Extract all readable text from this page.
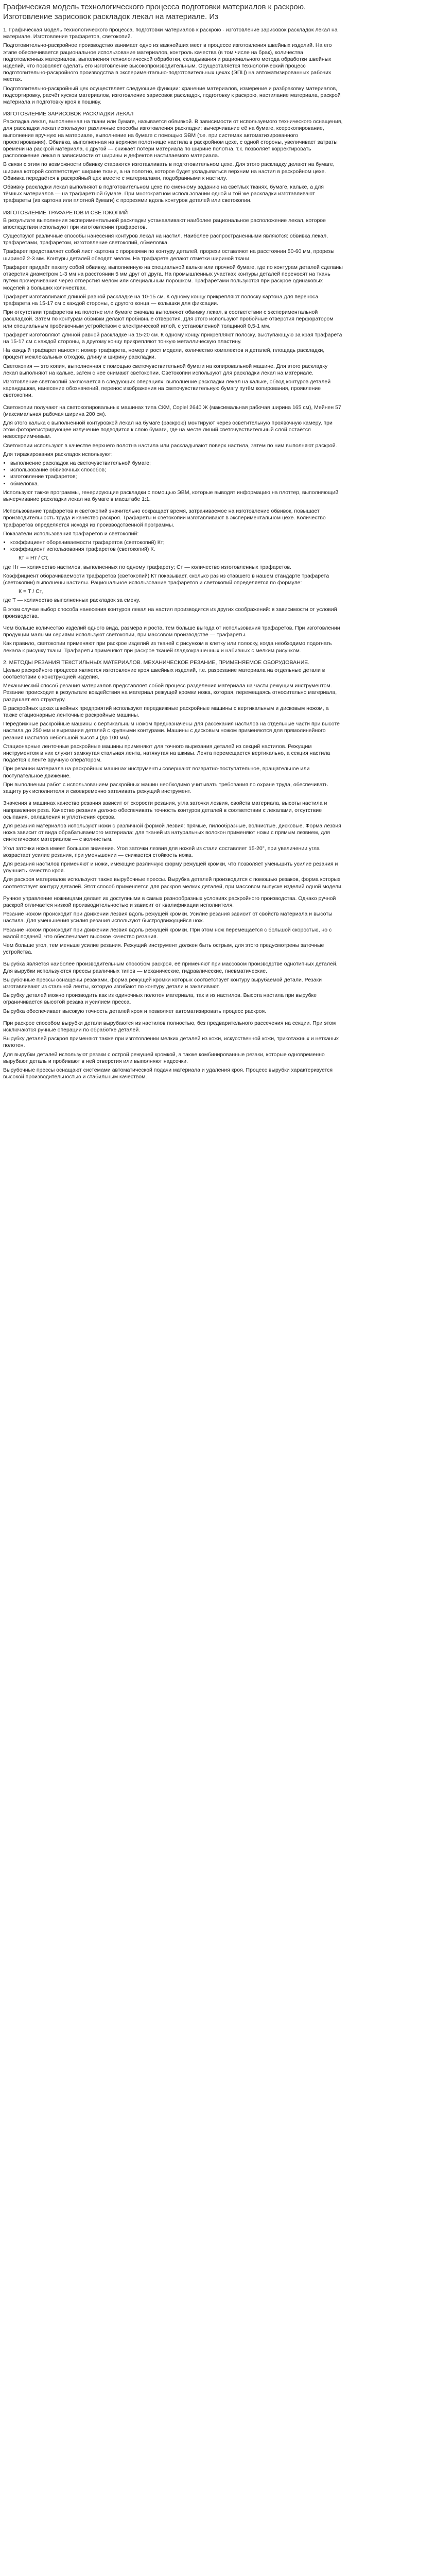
Графическая модель технологического процесса подготовки материалов к раскрою. Изготовление зарисовок раскладок лекал на материале. Из
1. Графическая модель технологического процесса. подготовки материалов к раскрою · изготовление зарисовок раскладок лекал на материале. Изготовление трафаретов, светокопий.
Подготовительно-раскройное производство занимает одно из важнейших мест в процессе изготовления швейных изделий. На его этапе обеспечивается рациональное использование материалов, контроль качества (в том числе на брак), количества подготовленных материалов, выполнения технологической обработки, складывания и рационального метода обработки швейных изделий, что позволяет сделать его изготовление высокопроизводительным. Осуществляется технологический процесс подготовительно-раскройного производства в экспериментально-подготовительных цехах (ЭПЦ) на автоматизированных рабочих местах.
Подготовительно-раскройный цех осуществляет следующие функции: хранение материалов, измерение и разбраковку материалов, подсортировку, расчёт кусков материалов, изготовление зарисовок раскладок, подготовку к раскрою, настилание материала, раскрой материала и подготовку кроя к пошиву.
ИЗГОТОВЛЕНИЕ ЗАРИСОВОК РАСКЛАДКИ ЛЕКАЛ
Раскладка лекал, выполненная на ткани или бумаге, называется обвивкой. В зависимости от используемого технического оснащения, для раскладки лекал используют различные способы изготовления раскладки: вычерчивание её на бумаге, ксерокопирование, выполнение вручную на материале, выполнение на бумаге с помощью ЭВМ (т.е. при системах автоматизированного проектирования). Обвивка, выполненная на верхнем полотнище настила в раскройном цехе, с одной стороны, увеличивает затраты времени на раскрой материала, с другой — снижает потери материала по ширине полотна, т.к. позволяет корректировать расположение лекал в зависимости от ширины и дефектов настилаемого материала.
В связи с этим по возможности обвивку стараются изготавливать в подготовительном цехе. Для этого раскладку делают на бумаге, ширина которой соответствует ширине ткани, а на полотно, которое будет укладываться верхним на настил в раскройном цехе. Обвивка передаётся в раскройный цех вместе с материалами, подобранными к настилу.
Обвивку раскладки лекал выполняют в подготовительном цехе по сменному заданию на светлых тканях, бумаге, кальке, а для тёмных материалов — на трафаретной бумаге. При многократном использовании одной и той же раскладки изготавливают трафареты (из картона или плотной бумаги) с прорезями вдоль контуров деталей или светокопии.
ИЗГОТОВЛЕНИЕ ТРАФАРЕТОВ И СВЕТОКОПИЙ
В результате выполнения экспериментальной раскладки устанавливают наиболее рациональное расположение лекал, которое впоследствии используют при изготовлении трафаретов.
Существуют различные способы нанесения контуров лекал на настил. Наиболее распространенными являются: обвивка лекал, трафаретами, трафаретом, изготовление светокопий, обмеловка.
Трафарет представляет собой лист картона с прорезями по контуру деталей, прорези оставляют на расстоянии 50-60 мм, прорезы шириной 2-3 мм. Контуры деталей обводят мелом. На трафарете делают отметки шириной ткани.
Трафарет придаёт пакету собой обвивку, выполненную на специальной кальке или прочной бумаге, где по контурам деталей сделаны отверстия диаметром 1-3 мм на расстоянии 5 мм друг от друга. На промышленных участках контуры деталей переносят на ткань путем прочерчивания через отверстия мелом или специальным порошком. Трафаретами пользуются при раскрое одинаковых моделей в больших количествах.
Трафарет изготавливают длиной равной раскладке на 10-15 см. К одному концу прикрепляют полоску картона для переноса трафарета на 15-17 см с каждой стороны, с другого конца — колышки для фиксации.
При отсутствии трафаретов на полотне или бумаге сначала выполняют обвивку лекал, в соответствии с экспериментальной раскладкой. Затем по контурам обвивки делают пробивные отверстия. Для этого используют пробойные отверстия перфоратором или специальным пробивочным устройством с электрической иглой, с установленной толщиной 0,5-1 мм.
Трафарет изготовляют длиной равной раскладке на 15-20 см. К одному концу прикрепляют полоску, выступающую за края трафарета на 15-17 см с каждой стороны, а другому концу прикрепляют тонкую металлическую пластину.
На каждый трафарет наносят: номер трафарета, номер и рост модели, количество комплектов и деталей, площадь раскладки, процент межлекальных отходов, длину и ширину раскладки.
Светокопия — это копия, выполненная с помощью светочувствительной бумаги на копировальной машине. Для этого раскладку лекал выполняют на кальке, затем с нее снимают светокопии. Светокопии используют для раскладки лекал на материале.
Изготовление светокопий заключается в следующих операциях: выполнение раскладки лекал на кальке, обвод контуров деталей карандашом, нанесение обозначений, перенос изображения на светочувствительную бумагу путём копирования, проявление светокопии.
Светокопии получают на светокопировальных машинах типа СКМ, Copiel 2640 Ж (максимальная рабочая ширина 165 см), Мейнен 57 (максимальная рабочая ширина 200 см).
Для этого калька с выполненной контуровкой лекал на бумаге (раскрою) монтируют через осветительную проявочную камеру, при этом фоторегистрирующее излучение подводится к слою бумаги, где на месте линий светочувствительный слой остаётся невосприимчивым.
Светокопии используют в качестве верхнего полотна настила или раскладывают поверх настила, затем по ним выполняют раскрой.
Для тиражирования раскладок используют:
• выполнение раскладок на светочувствительной бумаге;
• использование обвивочных способов;
• изготовление трафаретов;
• обмеловка.
Используют также программы, генерирующие раскладки с помощью ЭВМ, которые выводят информацию на плоттер, выполняющий вычерчивание раскладки лекал на бумаге в масштабе 1:1.
Использование трафаретов и светокопий значительно сокращает время, затрачиваемое на изготовление обвивок, повышает производительность труда и качество раскроя. Трафареты и светокопии изготавливают в экспериментальном цехе. Количество трафаретов определяется исходя из производственной программы.
Показатели использования трафаретов и светокопий:
• коэффициент оборачиваемости трафаретов (светокопий) Кт;
• коэффициент использования трафаретов (светокопий) К.
Кт = Нт / Ст,
где Нт — количество настилов, выполненных по одному трафарету; Ст — количество изготовленных трафаретов.
Коэффициент оборачиваемости трафаретов (светокопий) Кт показывает, сколько раз из ставшего в нашем стандарте трафарета (светокопии) выполнены настилы. Рациональное использование трафаретов и светокопий определяется по формуле:
К = Т / Ст,
где Т — количество выполненных раскладок за смену.
В этом случае выбор способа нанесения контуров лекал на настил производится из других соображений: в зависимости от условий производства.
Чем больше количество изделий одного вида, размера и роста, тем больше выгода от использования трафаретов. При изготовлении продукции малыми сериями используют светокопии, при массовом производстве — трафареты.
Как правило, светокопии применяют при раскрое изделий из тканей с рисунком в клетку или полоску, когда необходимо подогнать лекала к рисунку ткани. Трафареты применяют при раскрое тканей гладкокрашенных и набивных с мелким рисунком.
2. МЕТОДЫ РЕЗАНИЯ ТЕКСТИЛЬНЫХ МАТЕРИАЛОВ. МЕХАНИЧЕСКОЕ РЕЗАНИЕ, ПРИМЕНЯЕМОЕ ОБОРУДОВАНИЕ.
Целью раскройного процесса является изготовление кроя швейных изделий, т.е. разрезание материала на отдельные детали в соответствии с конструкцией изделия.
Механический способ резания материалов представляет собой процесс разделения материала на части режущим инструментом. Резание происходит в результате воздействия на материал режущей кромки ножа, которая, перемещаясь относительно материала, разрушает его структуру.
В раскройных цехах швейных предприятий используют передвижные раскройные машины с вертикальным и дисковым ножом, а также стационарные ленточные раскройные машины.
Передвижные раскройные машины с вертикальным ножом предназначены для рассекания настилов на отдельные части при высоте настила до 250 мм и вырезания деталей с крупными контурами. Машины с дисковым ножом применяются для прямолинейного резания настилов небольшой высоты (до 100 мм).
Стационарные ленточные раскройные машины применяют для точного вырезания деталей из секций настилов. Режущим инструментом в них служит замкнутая стальная лента, натянутая на шкивы. Лента перемещается вертикально, а секция настила подаётся к ленте вручную оператором.
При резании материала на раскройных машинах инструменты совершают возвратно-поступательное, вращательное или поступательное движение.
При выполнении работ с использованием раскройных машин необходимо учитывать требования по охране труда, обеспечивать защиту рук исполнителя и своевременно затачивать режущий инструмент.
Значения в машинах качество резания зависит от скорости резания, угла заточки лезвия, свойств материала, высоты настила и направления реза. Качество резания должно обеспечивать точность контуров деталей в соответствии с лекалами, отсутствие осыпания, оплавления и уплотнения срезов.
Для резания материалов используют ножи с различной формой лезвия: прямые, пилообразные, волнистые, дисковые. Форма лезвия ножа зависит от вида обрабатываемого материала: для тканей из натуральных волокон применяют ножи с прямым лезвием, для синтетических материалов — с волнистым.
Угол заточки ножа имеет большое значение. Угол заточки лезвия для ножей из стали составляет 15-20°, при увеличении угла возрастает усилие резания, при уменьшении — снижается стойкость ножа.
Для резания настилов применяют и ножи, имеющие различную форму режущей кромки, что позволяет уменьшить усилие резания и улучшить качество кроя.
Для раскроя материалов используют также вырубочные прессы. Вырубка деталей производится с помощью резаков, форма которых соответствует контуру деталей. Этот способ применяется для раскроя мелких деталей, при массовом выпуске изделий одной модели.
Ручное управление ножницами делает их доступными в самых разнообразных условиях раскройного производства. Однако ручной раскрой отличается низкой производительностью и зависит от квалификации исполнителя.
Резание ножом происходит при движении лезвия вдоль режущей кромки. Усилие резания зависит от свойств материала и высоты настила. Для уменьшения усилия резания используют быстродвижущийся нож.
Резание ножом происходит при движении лезвия вдоль режущей кромки. При этом нож перемещается с большой скоростью, но с малой подачей, что обеспечивает высокое качество резания.
Чем больше угол, тем меньше усилие резания. Режущий инструмент должен быть острым, для этого предусмотрены заточные устройства.
Вырубка является наиболее производительным способом раскроя, её применяют при массовом производстве однотипных деталей. Для вырубки используются прессы различных типов — механические, гидравлические, пневматические.
Вырубочные прессы оснащены резаками, форма режущей кромки которых соответствует контуру вырубаемой детали. Резаки изготавливают из стальной ленты, которую изгибают по контуру детали и закаливают.
Вырубку деталей можно производить как из одиночных полотен материала, так и из настилов. Высота настила при вырубке ограничивается высотой резака и усилием пресса.
Вырубка обеспечивает высокую точность деталей кроя и позволяет автоматизировать процесс раскроя.
При раскрое способом вырубки детали вырубаются из настилов полностью, без предварительного рассечения на секции. При этом исключаются ручные операции по обработке деталей.
Вырубку деталей раскроя применяют также при изготовлении мелких деталей из кожи, искусственной кожи, трикотажных и нетканых полотен.
Для вырубки деталей используют резаки с острой режущей кромкой, а также комбинированные резаки, которые одновременно вырубают деталь и пробивают в ней отверстия или выполняют надсечки.
Вырубочные прессы оснащают системами автоматической подачи материала и удаления кроя. Процесс вырубки характеризуется высокой производительностью и стабильным качеством.
